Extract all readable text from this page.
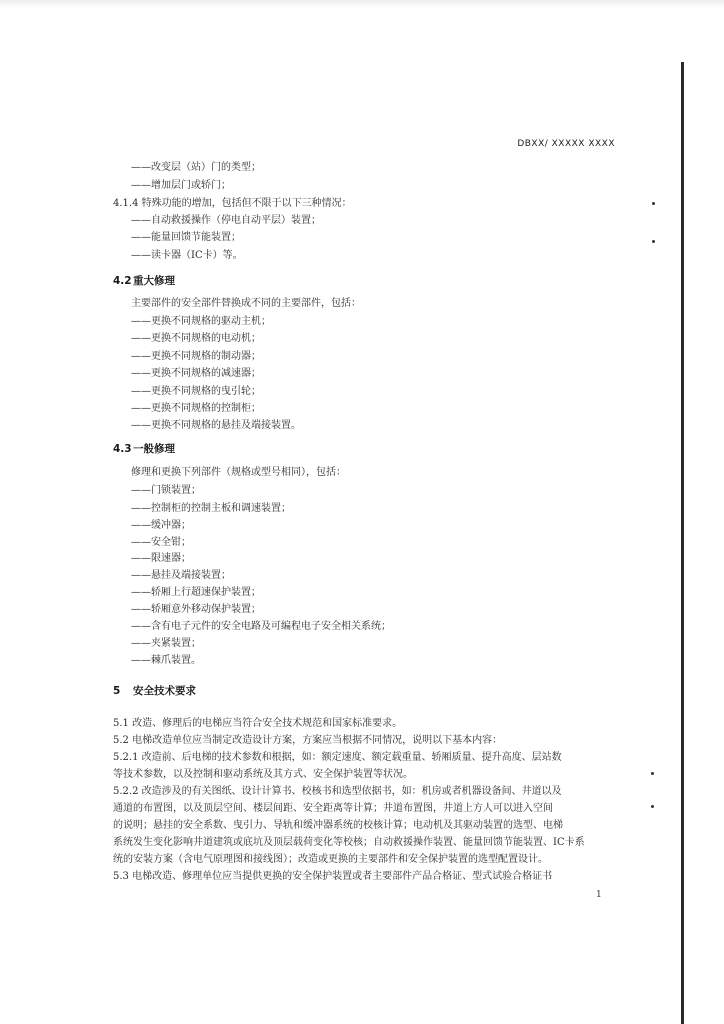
DBXX/ XXXXX XXXX
——改变层（站）门的类型；
——增加层门或轿门；
4.1.4 特殊功能的增加，包括但不限于以下三种情况：
——自动救援操作（停电自动平层）装置；
——能量回馈节能装置；
——读卡器（IC卡）等。
4.2重大修理
主要部件的安全部件替换成不同的主要部件，包括：
——更换不同规格的驱动主机；
——更换不同规格的电动机；
——更换不同规格的制动器；
——更换不同规格的减速器；
——更换不同规格的曳引轮；
——更换不同规格的控制柜；
——更换不同规格的悬挂及端接装置。
4.3一般修理
修理和更换下列部件（规格或型号相同），包括：
——门锁装置；
——控制柜的控制主板和调速装置；
——缓冲器；
——安全钳；
——限速器；
——悬挂及端接装置；
——轿厢上行超速保护装置；
——轿厢意外移动保护装置；
——含有电子元件的安全电路及可编程电子安全相关系统；
——夹紧装置；
——棘爪装置。
5 安全技术要求
5.1 改造、修理后的电梯应当符合安全技术规范和国家标准要求。
5.2 电梯改造单位应当制定改造设计方案，方案应当根据不同情况，说明以下基本内容：
5.2.1 改造前、后电梯的技术参数和根据，如：额定速度、额定载重量、轿厢质量、提升高度、层站数
等技术参数，以及控制和驱动系统及其方式、安全保护装置等状况。
5.2.2 改造涉及的有关图纸、设计计算书、校核书和选型依据书，如：机房或者机器设备间、井道以及
通道的布置图，以及顶层空间、楼层间距、安全距离等计算；井道布置图，井道上方人可以进入空间
的说明；悬挂的安全系数、曳引力、导轨和缓冲器系统的校核计算；电动机及其驱动装置的选型、电梯
系统发生变化影响井道建筑或底坑及顶层载荷变化等校核；自动救援操作装置、能量回馈节能装置、IC卡系
统的安装方案（含电气原理图和接线图）；改造或更换的主要部件和安全保护装置的选型配置设计。
5.3 电梯改造、修理单位应当提供更换的安全保护装置或者主要部件产品合格证、型式试验合格证书
1
